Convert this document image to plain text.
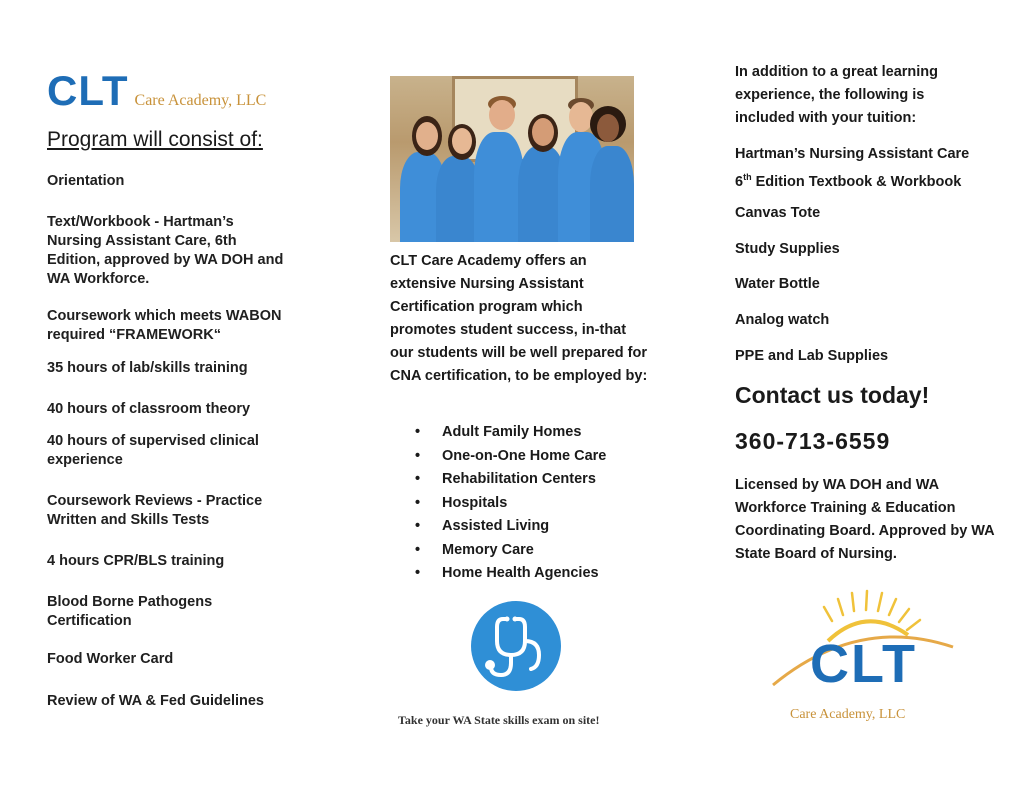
CLT Care Academy, LLC
Program will consist of:
Orientation
Text/Workbook - Hartman’s Nursing Assistant Care, 6th Edition, approved by WA DOH and WA Workforce.
Coursework which meets WABON required “FRAMEWORK“
35 hours of lab/skills training
40 hours of classroom theory
40 hours of supervised clinical experience
Coursework Reviews - Practice Written and Skills Tests
4 hours CPR/BLS training
Blood Borne Pathogens Certification
Food Worker Card
Review of WA & Fed Guidelines
CLT Care Academy offers an extensive Nursing Assistant Certification program which promotes student success, in-that our students will be well prepared for CNA certification, to be employed by:
• Adult Family Homes
• One-on-One Home Care
• Rehabilitation Centers
• Hospitals
• Assisted Living
• Memory Care
• Home Health Agencies
Take your WA State skills exam on site!
In addition to a great learning experience, the following is included with your tuition:
Hartman’s Nursing Assistant Care
6th Edition Textbook & Workbook
Canvas Tote
Study Supplies
Water Bottle
Analog watch
PPE and Lab Supplies
Contact us today!
360-713-6559
Licensed by WA DOH and WA Workforce Training & Education Coordinating Board. Approved by WA State Board of Nursing.
CLT
Care Academy, LLC
